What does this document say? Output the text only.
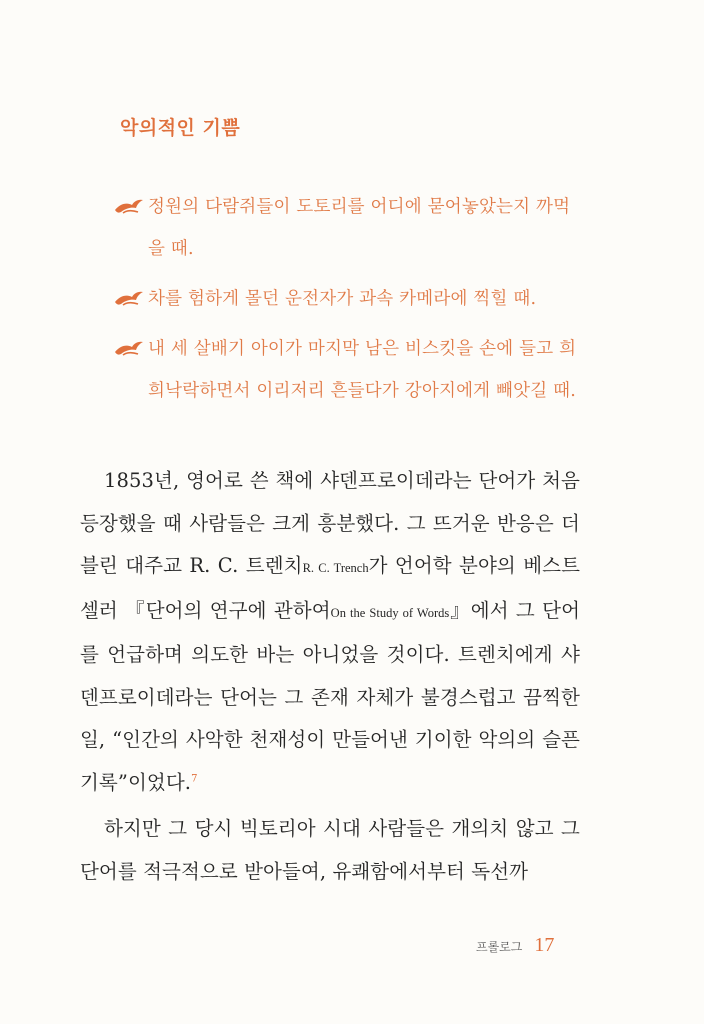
악의적인 기쁨
정원의 다람쥐들이 도토리를 어디에 묻어놓았는지 까먹을 때.
차를 험하게 몰던 운전자가 과속 카메라에 찍힐 때.
내 세 살배기 아이가 마지막 남은 비스킷을 손에 들고 희희낙락하면서 이리저리 흔들다가 강아지에게 빼앗길 때.

1853년, 영어로 쓴 책에 샤덴프로이데라는 단어가 처음 등장했을 때 사람들은 크게 흥분했다. 그 뜨거운 반응은 더블린 대주교 R. C. 트렌치R. C. Trench가 언어학 분야의 베스트셀러 『단어의 연구에 관하여On the Study of Words』에서 그 단어를 언급하며 의도한 바는 아니었을 것이다. 트렌치에게 샤덴프로이데라는 단어는 그 존재 자체가 불경스럽고 끔찍한 일, “인간의 사악한 천재성이 만들어낸 기이한 악의의 슬픈 기록”이었다.$^7$

하지만 그 당시 빅토리아 시대 사람들은 개의치 않고 그 단어를 적극적으로 받아들여, 유쾌함에서부터 독선까

프롤로그 17
